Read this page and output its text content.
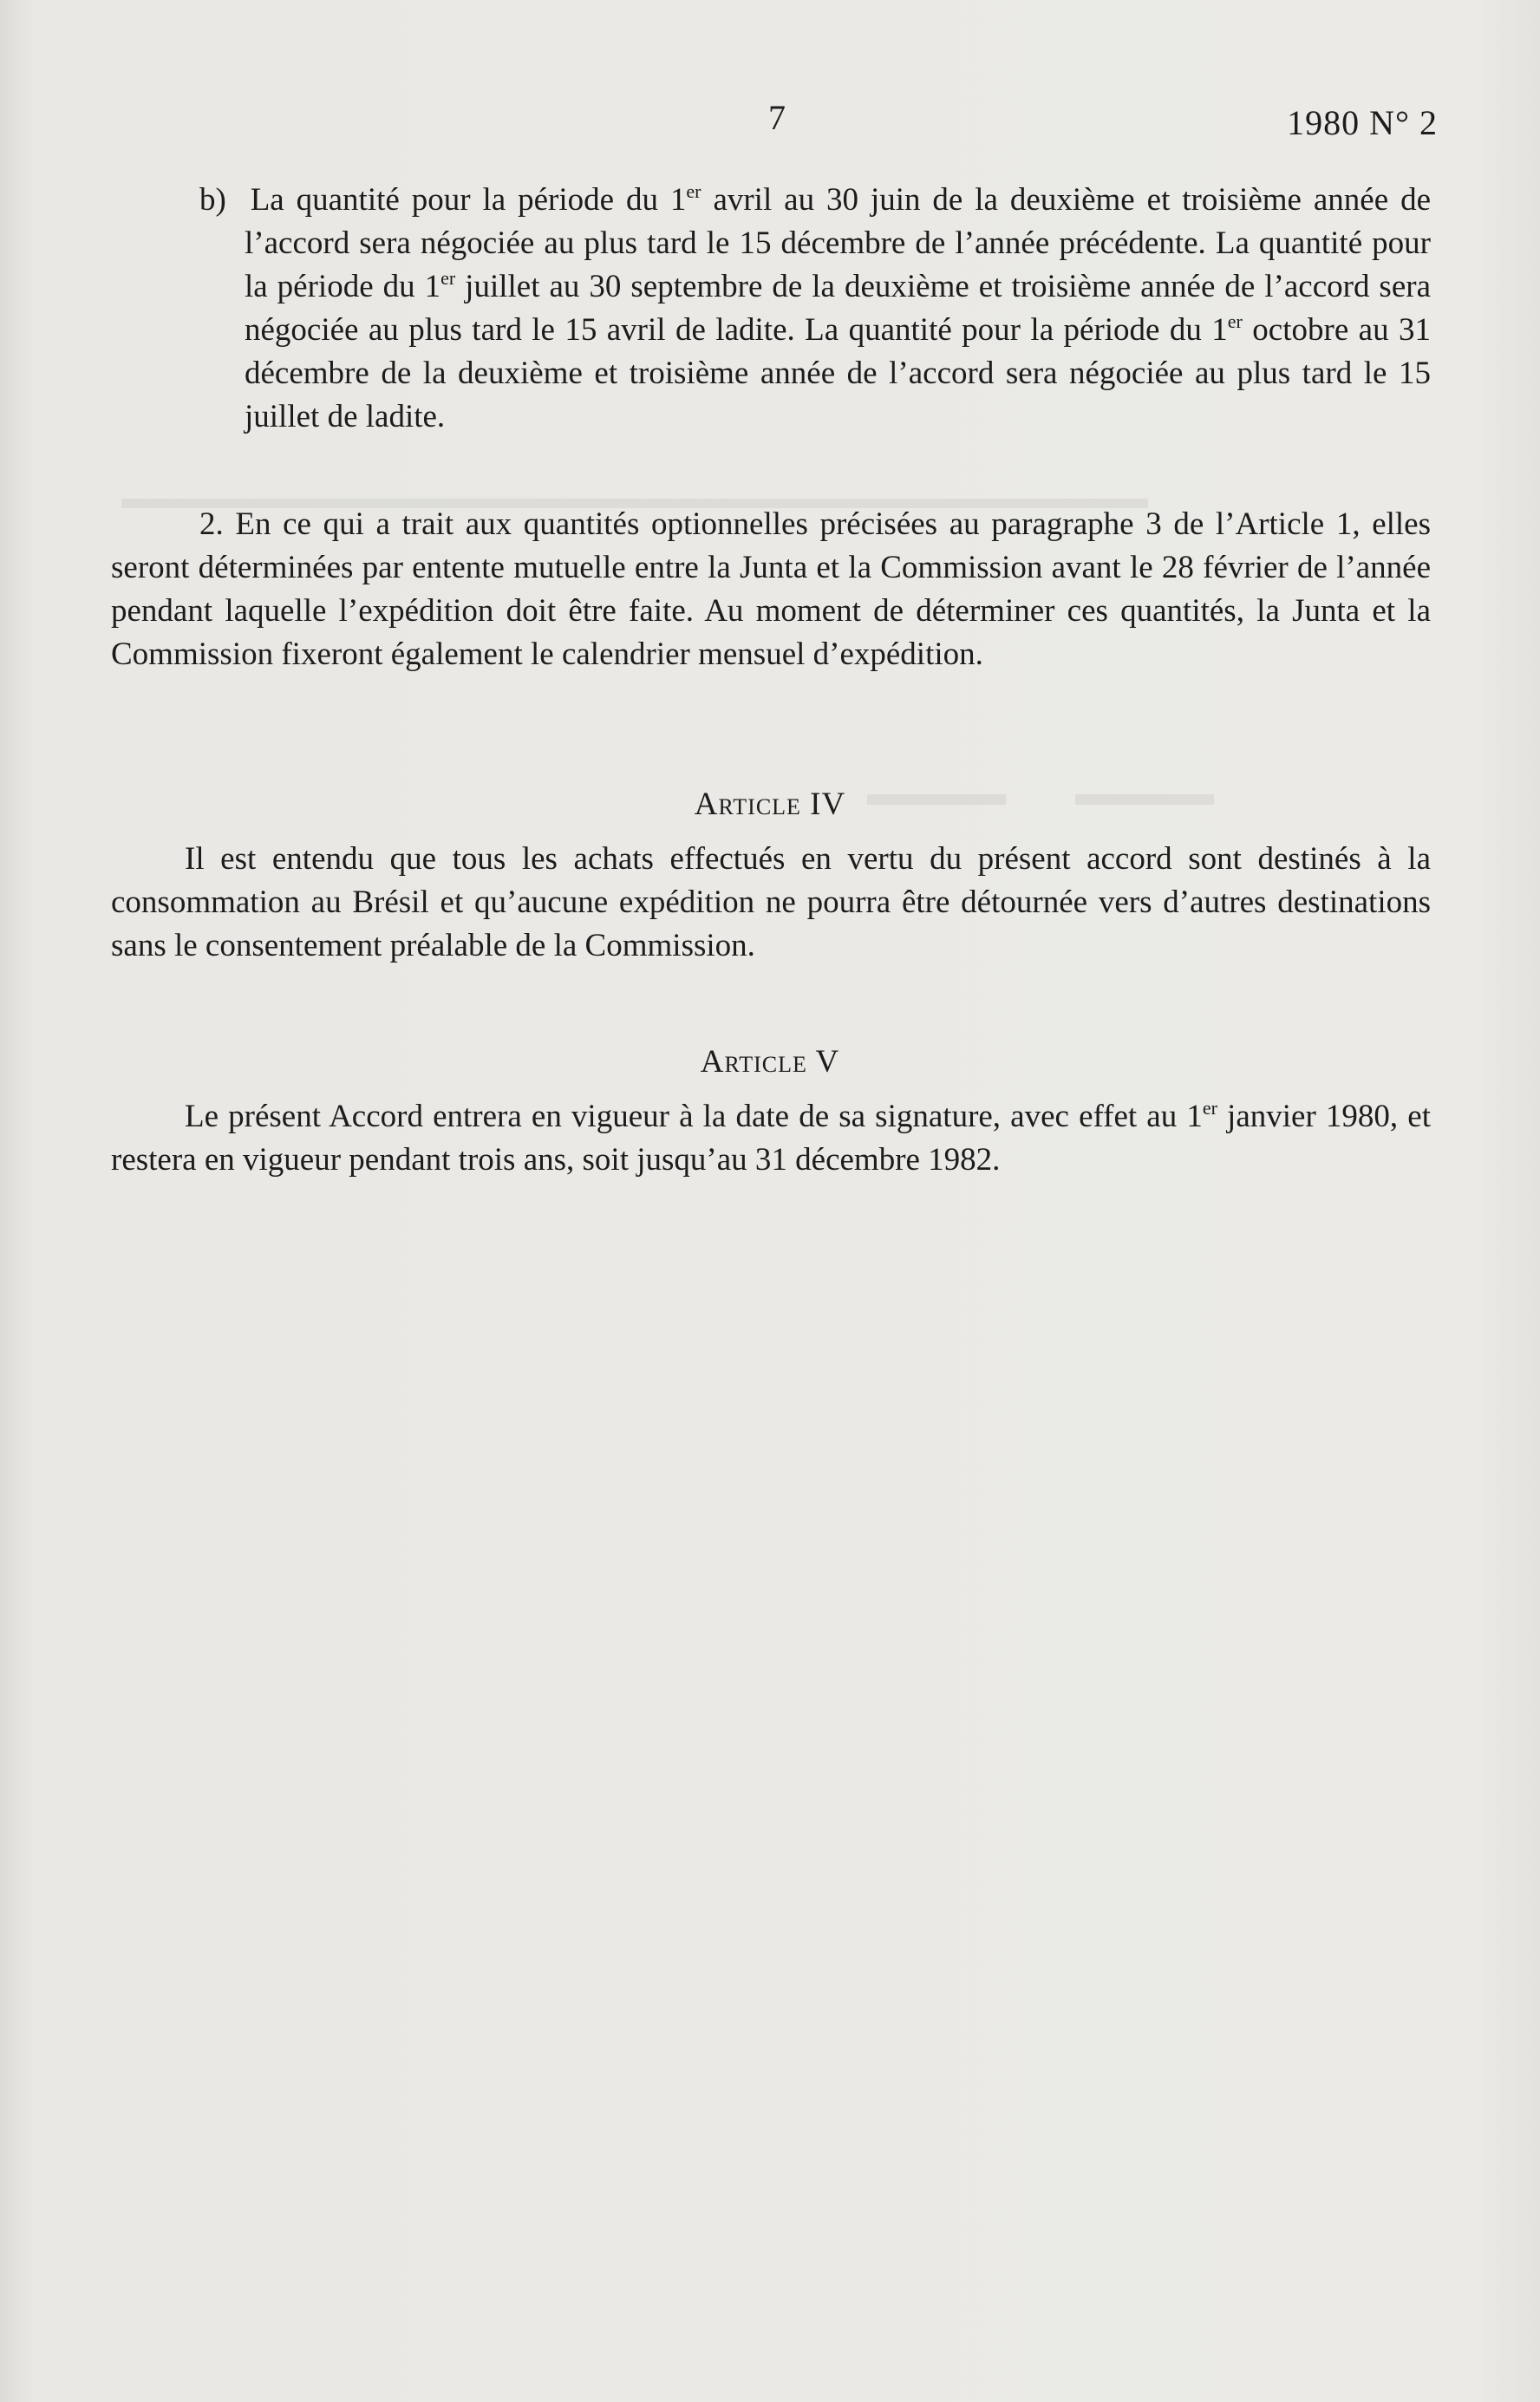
▬▬▬▬▬▬▬▬▬▬▬▬▬▬▬▬▬▬▬▬▬▬▬▬▬▬▬▬▬▬▬▬
▬▬▬▬ ▬▬▬▬
7	1980 N° 2

b) La quantité pour la période du 1er avril au 30 juin de la deuxième et troisième année de l’accord sera négociée au plus tard le 15 décembre de l’année précédente. La quantité pour la période du 1er juillet au 30 septembre de la deuxième et troisième année de l’accord sera négociée au plus tard le 15 avril de ladite. La quantité pour la période du 1er octobre au 31 décembre de la deuxième et troisième année de l’accord sera négociée au plus tard le 15 juillet de ladite.

2. En ce qui a trait aux quantités optionnelles précisées au paragraphe 3 de l’Article 1, elles seront déterminées par entente mutuelle entre la Junta et la Commission avant le 28 février de l’année pendant laquelle l’expédition doit être faite. Au moment de déterminer ces quantités, la Junta et la Commission fixeront également le calendrier mensuel d’expédition.

Article IV

Il est entendu que tous les achats effectués en vertu du présent accord sont destinés à la consommation au Brésil et qu’aucune expédition ne pourra être détournée vers d’autres destinations sans le consentement préalable de la Commission.

Article V

Le présent Accord entrera en vigueur à la date de sa signature, avec effet au 1er janvier 1980, et restera en vigueur pendant trois ans, soit jusqu’au 31 décembre 1982.
